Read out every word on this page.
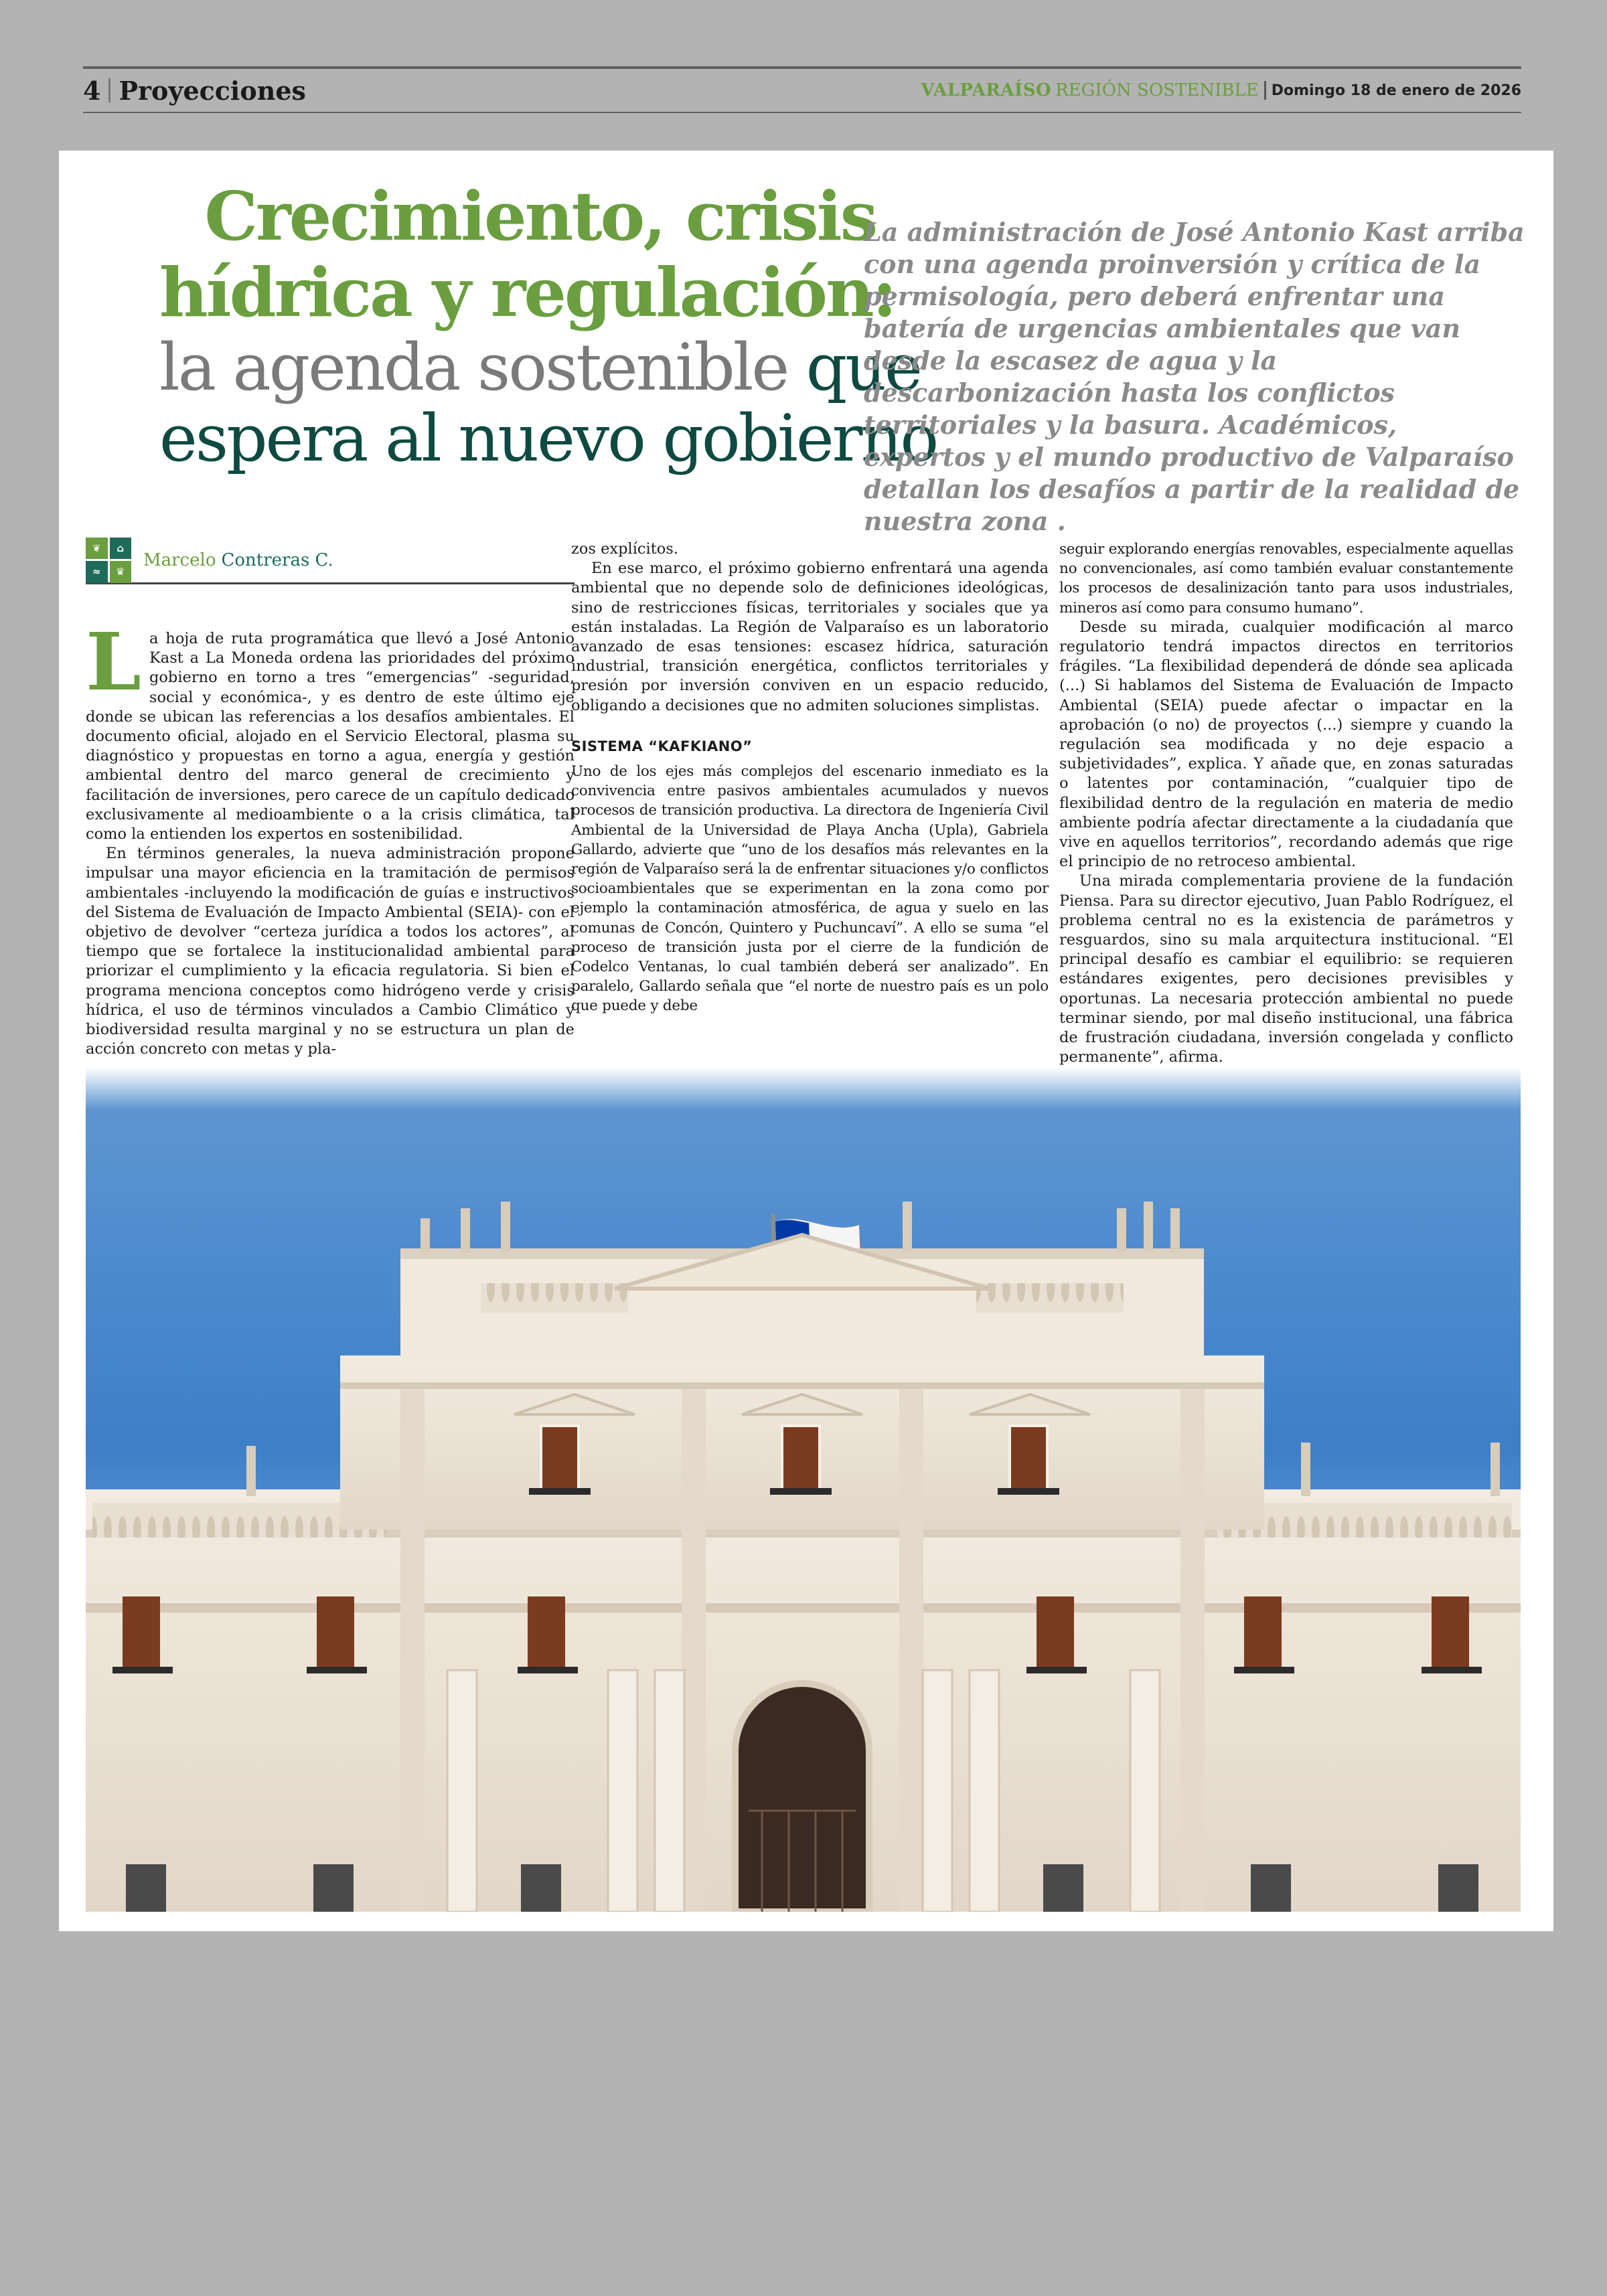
4 Proyecciones	VALPARAÍSO REGIÓN SOSTENIBLE Domingo 18 de enero de 2026
Crecimiento, crisis
hídrica y regulación:
la agenda sostenible que
espera al nuevo gobierno
La administración de José Antonio Kast arriba con una agenda proinversión y crítica de la permisología, pero deberá enfrentar una batería de urgencias ambientales que van desde la escasez de agua y la descarbonización hasta los conflictos territoriales y la basura. Académicos, expertos y el mundo productivo de Valparaíso detallan los desafíos a partir de la realidad de nuestra zona .
❦	⌂
≈	♛
Marcelo Contreras C.

La hoja de ruta programática que llevó a José Antonio Kast a La Moneda ordena las prioridades del próximo gobierno en torno a tres “emergencias” -seguridad, social y económica-, y es dentro de este último eje donde se ubican las referencias a los desafíos ambientales. El documento oficial, alojado en el Servicio Electoral, plasma su diagnóstico y propuestas en torno a agua, energía y gestión ambiental dentro del marco general de crecimiento y facilitación de inversiones, pero carece de un capítulo dedicado exclusivamente al medioambiente o a la crisis climática, tal como la entienden los expertos en sostenibilidad.

En términos generales, la nueva administración propone impulsar una mayor eficiencia en la tramitación de permisos ambientales -incluyendo la modificación de guías e instructivos del Sistema de Evaluación de Impacto Ambiental (SEIA)- con el objetivo de devolver “certeza jurídica a todos los actores”, al tiempo que se fortalece la institucionalidad ambiental para priorizar el cumplimiento y la eficacia regulatoria. Si bien el programa menciona conceptos como hidrógeno verde y crisis hídrica, el uso de términos vinculados a Cambio Climático y biodiversidad resulta marginal y no se estructura un plan de acción concreto con metas y pla-

zos explícitos.

En ese marco, el próximo gobierno enfrentará una agenda ambiental que no depende solo de definiciones ideológicas, sino de restricciones físicas, territoriales y sociales que ya están instaladas. La Región de Valparaíso es un laboratorio avanzado de esas tensiones: escasez hídrica, saturación industrial, transición energética, conflictos territoriales y presión por inversión conviven en un espacio reducido, obligando a decisiones que no admiten soluciones simplistas.

SISTEMA “KAFKIANO”

Uno de los ejes más complejos del escenario inmediato es la convivencia entre pasivos ambientales acumulados y nuevos procesos de transición productiva. La directora de Ingeniería Civil Ambiental de la Universidad de Playa Ancha (Upla), Gabriela Gallardo, advierte que “uno de los desafíos más relevantes en la región de Valparaíso será la de enfrentar situaciones y/o conflictos socioambientales que se experimentan en la zona como por ejemplo la contaminación atmosférica, de agua y suelo en las comunas de Concón, Quintero y Puchuncaví”. A ello se suma “el proceso de transición justa por el cierre de la fundición de Codelco Ventanas, lo cual también deberá ser analizado”. En paralelo, Gallardo señala que “el norte de nuestro país es un polo que puede y debe

seguir explorando energías renovables, especialmente aquellas no convencionales, así como también evaluar constantemente los procesos de desalinización tanto para usos industriales, mineros así como para consumo humano”.

Desde su mirada, cualquier modificación al marco regulatorio tendrá impactos directos en territorios frágiles. “La flexibilidad dependerá de dónde sea aplicada (...) Si hablamos del Sistema de Evaluación de Impacto Ambiental (SEIA) puede afectar o impactar en la aprobación (o no) de proyectos (...) siempre y cuando la regulación sea modificada y no deje espacio a subjetividades”, explica. Y añade que, en zonas saturadas o latentes por contaminación, “cualquier tipo de flexibilidad dentro de la regulación en materia de medio ambiente podría afectar directamente a la ciudadanía que vive en aquellos territorios”, recordando además que rige el principio de no retroceso ambiental.

Una mirada complementaria proviene de la fundación Piensa. Para su director ejecutivo, Juan Pablo Rodríguez, el problema central no es la existencia de parámetros y resguardos, sino su mala arquitectura institucional. “El principal desafío es cambiar el equilibrio: se requieren estándares exigentes, pero decisiones previsibles y oportunas. La necesaria protección ambiental no puede terminar siendo, por mal diseño institucional, una fábrica de frustración ciudadana, inversión congelada y conflicto permanente”, afirma.
